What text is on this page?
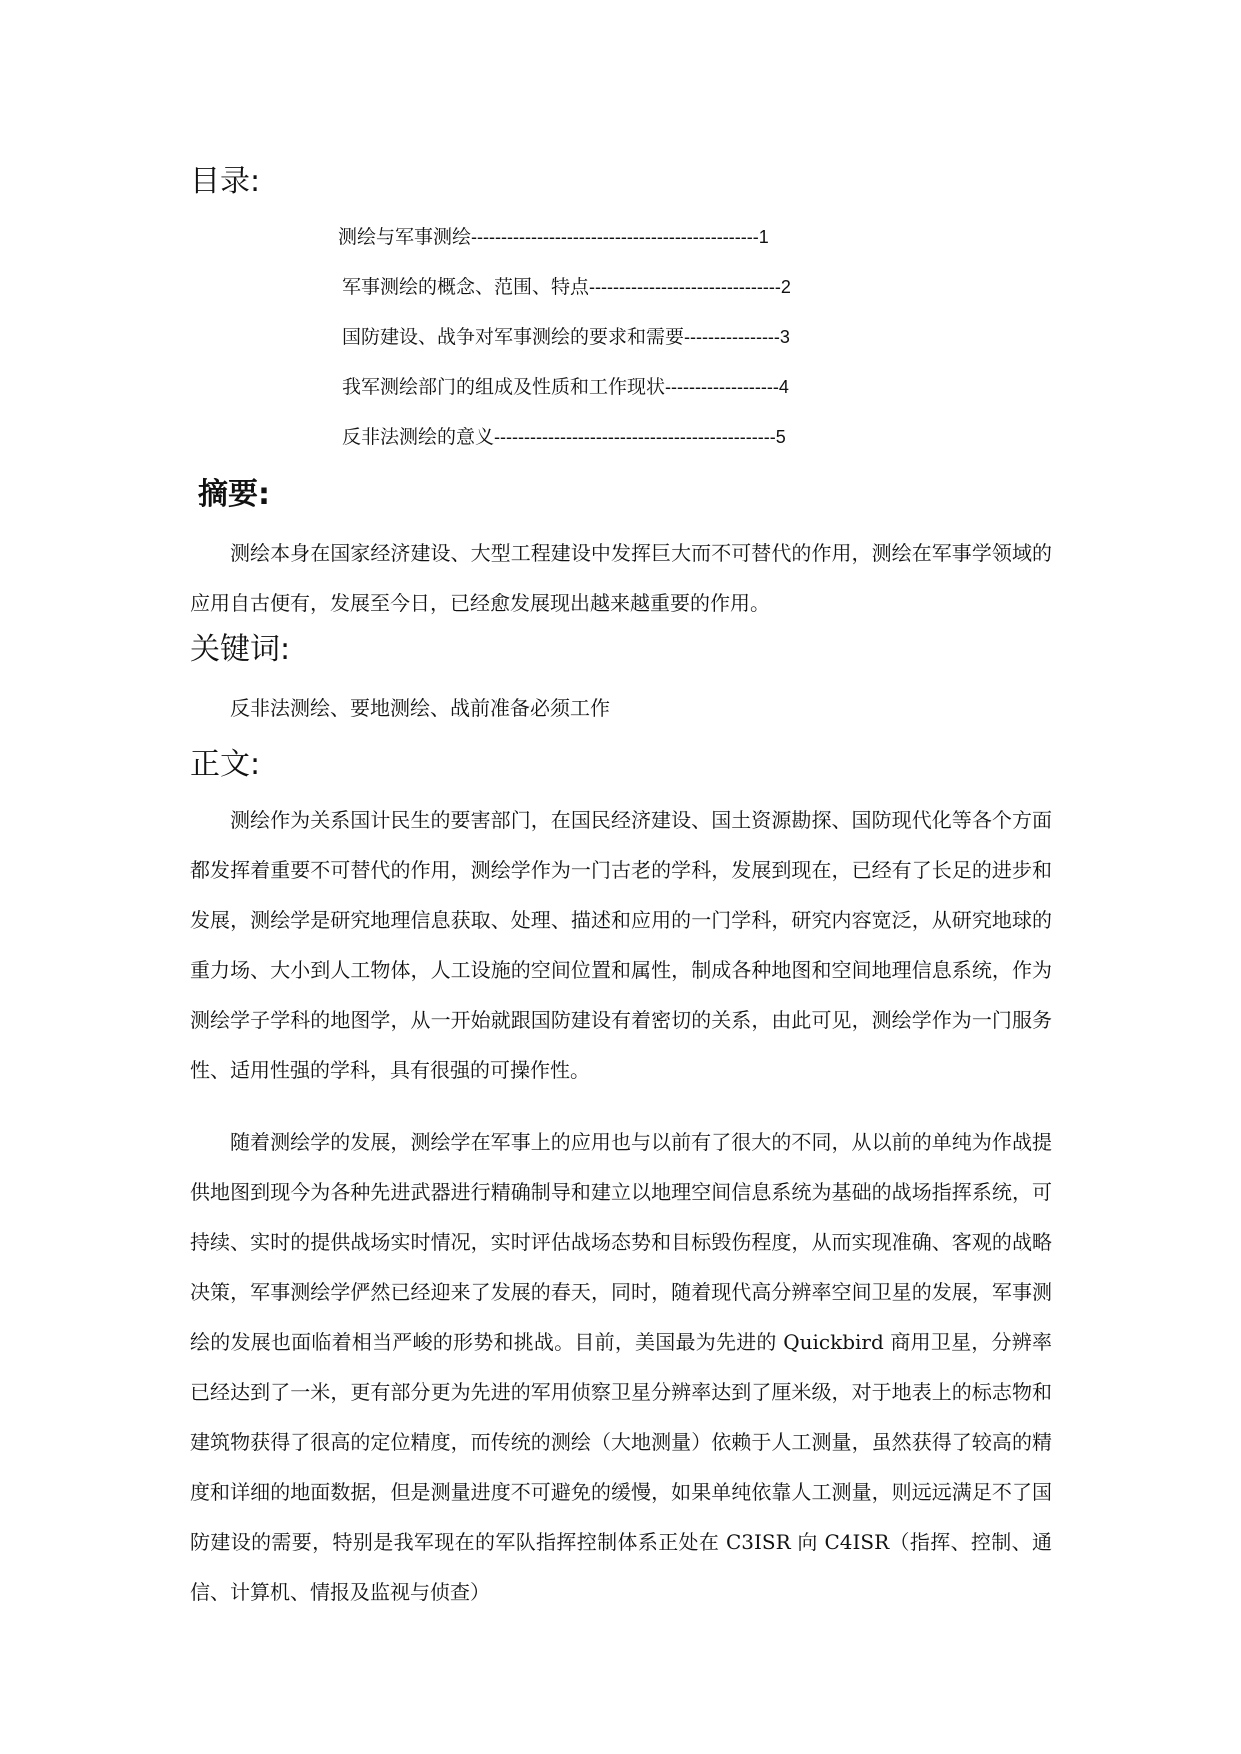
目录:
测绘与军事测绘------------------------------------------------1
军事测绘的概念、范围、特点--------------------------------2
国防建设、战争对军事测绘的要求和需要----------------3
我军测绘部门的组成及性质和工作现状-------------------4
反非法测绘的意义-----------------------------------------------5
摘要:

测绘本身在国家经济建设、大型工程建设中发挥巨大而不可替代的作用，测绘在军事学领域的应用自古便有，发展至今日，已经愈发展现出越来越重要的作用。

关键词:

反非法测绘、要地测绘、战前准备必须工作

正文:

测绘作为关系国计民生的要害部门，在国民经济建设、国土资源勘探、国防现代化等各个方面都发挥着重要不可替代的作用，测绘学作为一门古老的学科，发展到现在，已经有了长足的进步和发展，测绘学是研究地理信息获取、处理、描述和应用的一门学科，研究内容宽泛，从研究地球的重力场、大小到人工物体，人工设施的空间位置和属性，制成各种地图和空间地理信息系统，作为测绘学子学科的地图学，从一开始就跟国防建设有着密切的关系，由此可见，测绘学作为一门服务性、适用性强的学科，具有很强的可操作性。

随着测绘学的发展，测绘学在军事上的应用也与以前有了很大的不同，从以前的单纯为作战提供地图到现今为各种先进武器进行精确制导和建立以地理空间信息系统为基础的战场指挥系统，可持续、实时的提供战场实时情况，实时评估战场态势和目标毁伤程度，从而实现准确、客观的战略决策，军事测绘学俨然已经迎来了发展的春天，同时，随着现代高分辨率空间卫星的发展，军事测绘的发展也面临着相当严峻的形势和挑战。目前，美国最为先进的 Quickbird 商用卫星，分辨率已经达到了一米，更有部分更为先进的军用侦察卫星分辨率达到了厘米级，对于地表上的标志物和建筑物获得了很高的定位精度，而传统的测绘（大地测量）依赖于人工测量，虽然获得了较高的精度和详细的地面数据，但是测量进度不可避免的缓慢，如果单纯依靠人工测量，则远远满足不了国防建设的需要，特别是我军现在的军队指挥控制体系正处在 C3ISR 向 C4ISR（指挥、控制、通信、计算机、情报及监视与侦查）
